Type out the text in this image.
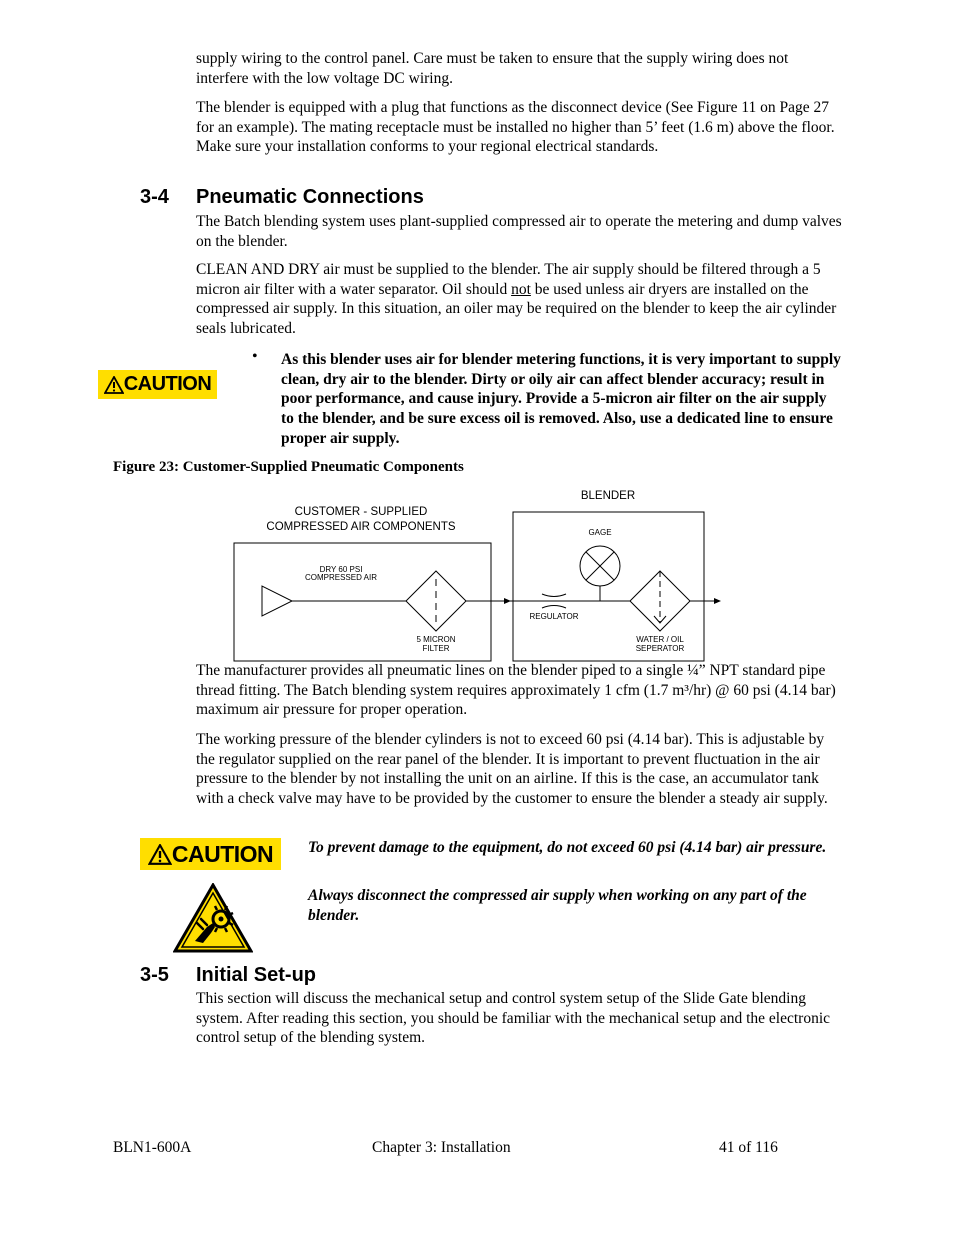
supply wiring to the control panel. Care must be taken to ensure that the supply wiring does not interfere with the low voltage DC wiring.
The blender is equipped with a plug that functions as the disconnect device (See Figure 11 on Page 27 for an example). The mating receptacle must be installed no higher than 5’ feet (1.6 m) above the floor. Make sure your installation conforms to your regional electrical standards.
3-4 Pneumatic Connections
The Batch blending system uses plant-supplied compressed air to operate the metering and dump valves on the blender.
CLEAN AND DRY air must be supplied to the blender. The air supply should be filtered through a 5 micron air filter with a water separator. Oil should not be used unless air dryers are installed on the compressed air supply. In this situation, an oiler may be required on the blender to keep the air cylinder seals lubricated.
CAUTION
• As this blender uses air for blender metering functions, it is very important to supply clean, dry air to the blender. Dirty or oily air can affect blender accuracy; result in poor performance, and cause injury. Provide a 5-micron air filter on the air supply to the blender, and be sure excess oil is removed. Also, use a dedicated line to ensure proper air supply.
Figure 23: Customer-Supplied Pneumatic Components
CUSTOMER - SUPPLIED
COMPRESSED AIR COMPONENTS
BLENDER
DRY 60 PSI
COMPRESSED AIR
5 MICRON
FILTER
REGULATOR
GAGE
WATER / OIL
SEPERATOR
The manufacturer provides all pneumatic lines on the blender piped to a single ¼” NPT standard pipe thread fitting. The Batch blending system requires approximately 1 cfm (1.7 m³/hr) @ 60 psi (4.14 bar) maximum air pressure for proper operation.
The working pressure of the blender cylinders is not to exceed 60 psi (4.14 bar). This is adjustable by the regulator supplied on the rear panel of the blender. It is important to prevent fluctuation in the air pressure to the blender by not installing the unit on an airline. If this is the case, an accumulator tank with a check valve may have to be provided by the customer to ensure the blender a steady air supply.
CAUTION To prevent damage to the equipment, do not exceed 60 psi (4.14 bar) air pressure.
Always disconnect the compressed air supply when working on any part of the blender.
3-5 Initial Set-up
This section will discuss the mechanical setup and control system setup of the Slide Gate blending system. After reading this section, you should be familiar with the mechanical setup and the electronic control setup of the blending system.
BLN1-600A	Chapter 3: Installation	41 of 116
